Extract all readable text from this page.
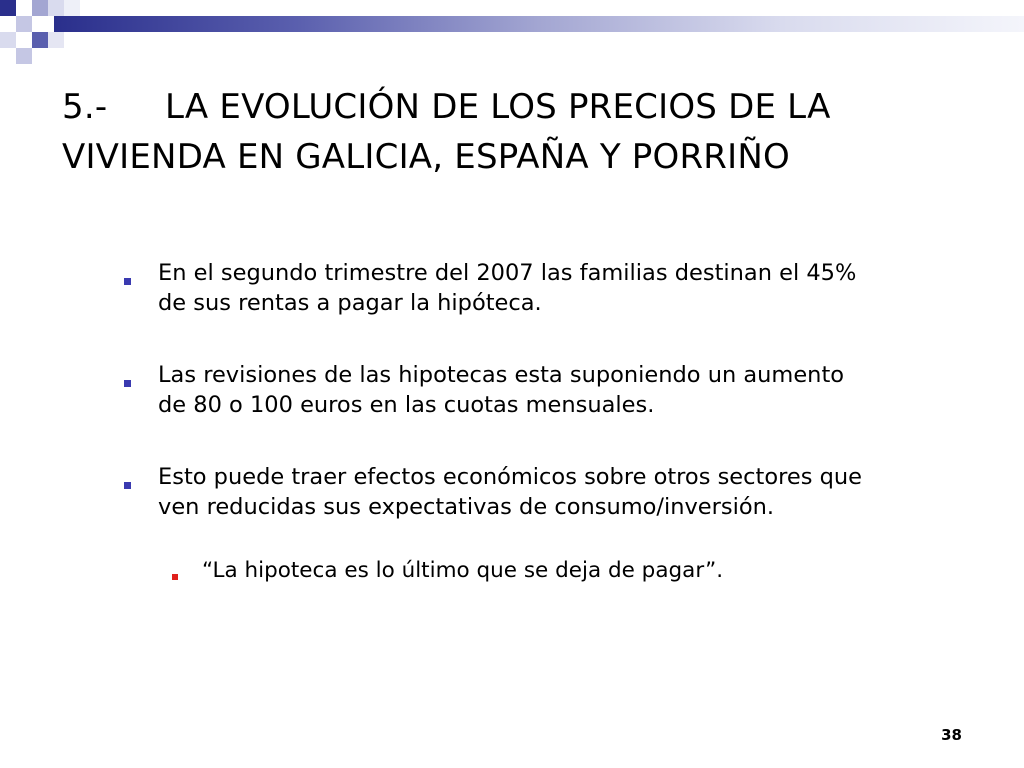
5.- LA EVOLUCIÓN DE LOS PRECIOS DE LA
VIVIENDA EN GALICIA, ESPAÑA Y PORRIÑO
En el segundo trimestre del 2007 las familias destinan el 45%
de sus rentas a pagar la hipóteca.
Las revisiones de las hipotecas esta suponiendo un aumento
de 80 o 100 euros en las cuotas mensuales.
Esto puede traer efectos económicos sobre otros sectores que
ven reducidas sus expectativas de consumo/inversión.
“La hipoteca es lo último que se deja de pagar”.
38
